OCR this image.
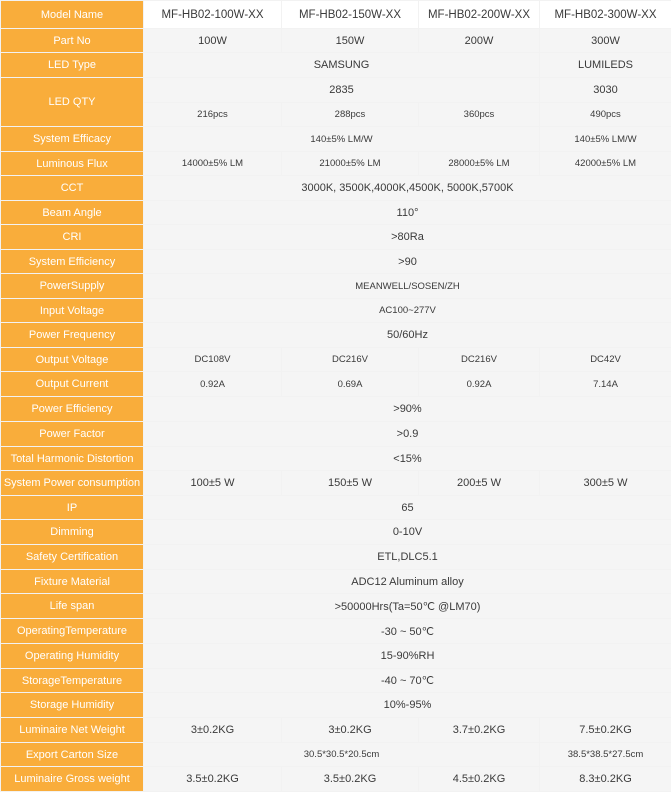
Model Name	MF-HB02-100W-XX	MF-HB02-150W-XX	MF-HB02-200W-XX	MF-HB02-300W-XX
Part No	100W	150W	200W	300W
LED Type	SAMSUNG			LUMILEDS
LED QTY	2835			3030
	216pcs	288pcs	360pcs	490pcs
System Efficacy	140±5% LM/W			140±5% LM/W
Luminous Flux	14000±5% LM	21000±5% LM	28000±5% LM	42000±5% LM
CCT	3000K, 3500K,4000K,4500K, 5000K,5700K			
Beam Angle	110°			
CRI	>80Ra			
System Efficiency	>90			
PowerSupply	MEANWELL/SOSEN/ZH			
Input Voltage	AC100~277V			
Power Frequency	50/60Hz			
Output Voltage	DC108V	DC216V	DC216V	DC42V
Output Current	0.92A	0.69A	0.92A	7.14A
Power Efficiency	>90%			
Power Factor	>0.9			
Total Harmonic Distortion	<15%			
System Power consumption	100±5 W	150±5 W	200±5 W	300±5 W
IP	65			
Dimming	0-10V			
Safety Certification	ETL,DLC5.1			
Fixture Material	ADC12 Aluminum alloy			
Life span	>50000Hrs(Ta=50℃ @LM70)			
OperatingTemperature	-30 ~ 50℃			
Operating Humidity	15-90%RH			
StorageTemperature	-40 ~ 70℃			
Storage Humidity	10%-95%			
Luminaire Net Weight	3±0.2KG	3±0.2KG	3.7±0.2KG	7.5±0.2KG
Export Carton Size	30.5*30.5*20.5cm			38.5*38.5*27.5cm
Luminaire Gross weight	3.5±0.2KG	3.5±0.2KG	4.5±0.2KG	8.3±0.2KG
